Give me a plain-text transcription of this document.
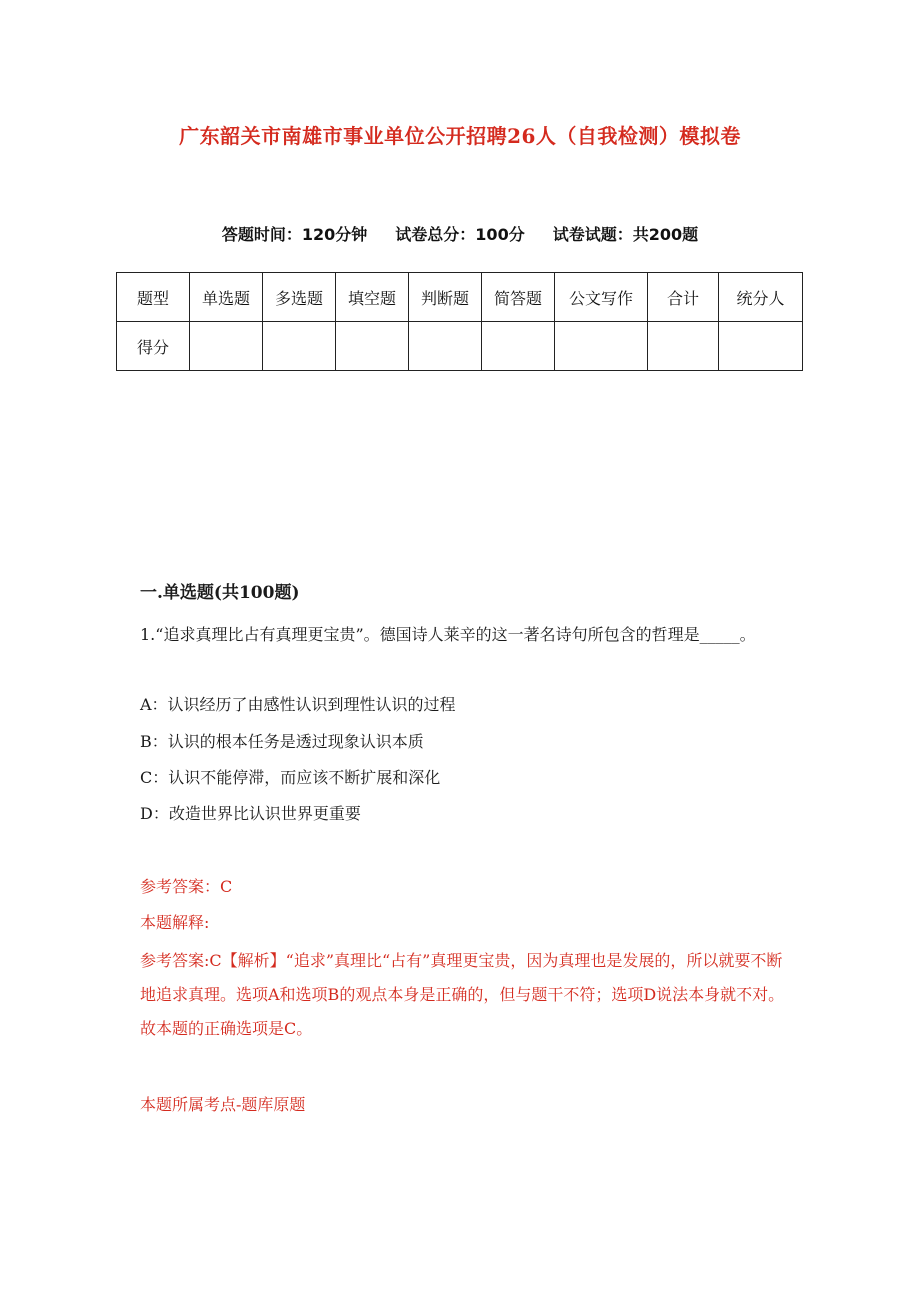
广东韶关市南雄市事业单位公开招聘26人（自我检测）模拟卷
答题时间：120分钟 试卷总分：100分 试卷试题：共200题
题型	单选题	多选题	填空题	判断题	简答题	公文写作	合计	统分人
得分								
一.单选题(共100题)
1.“追求真理比占有真理更宝贵”。德国诗人莱辛的这一著名诗句所包含的哲理是_____。
A：认识经历了由感性认识到理性认识的过程
B：认识的根本任务是透过现象认识本质
C：认识不能停滞，而应该不断扩展和深化
D：改造世界比认识世界更重要
参考答案：C
本题解释:
参考答案:C【解析】“追求”真理比“占有”真理更宝贵，因为真理也是发展的，所以就要不断地追求真理。选项A和选项B的观点本身是正确的，但与题干不符；选项D说法本身就不对。故本题的正确选项是C。
本题所属考点-题库原题
